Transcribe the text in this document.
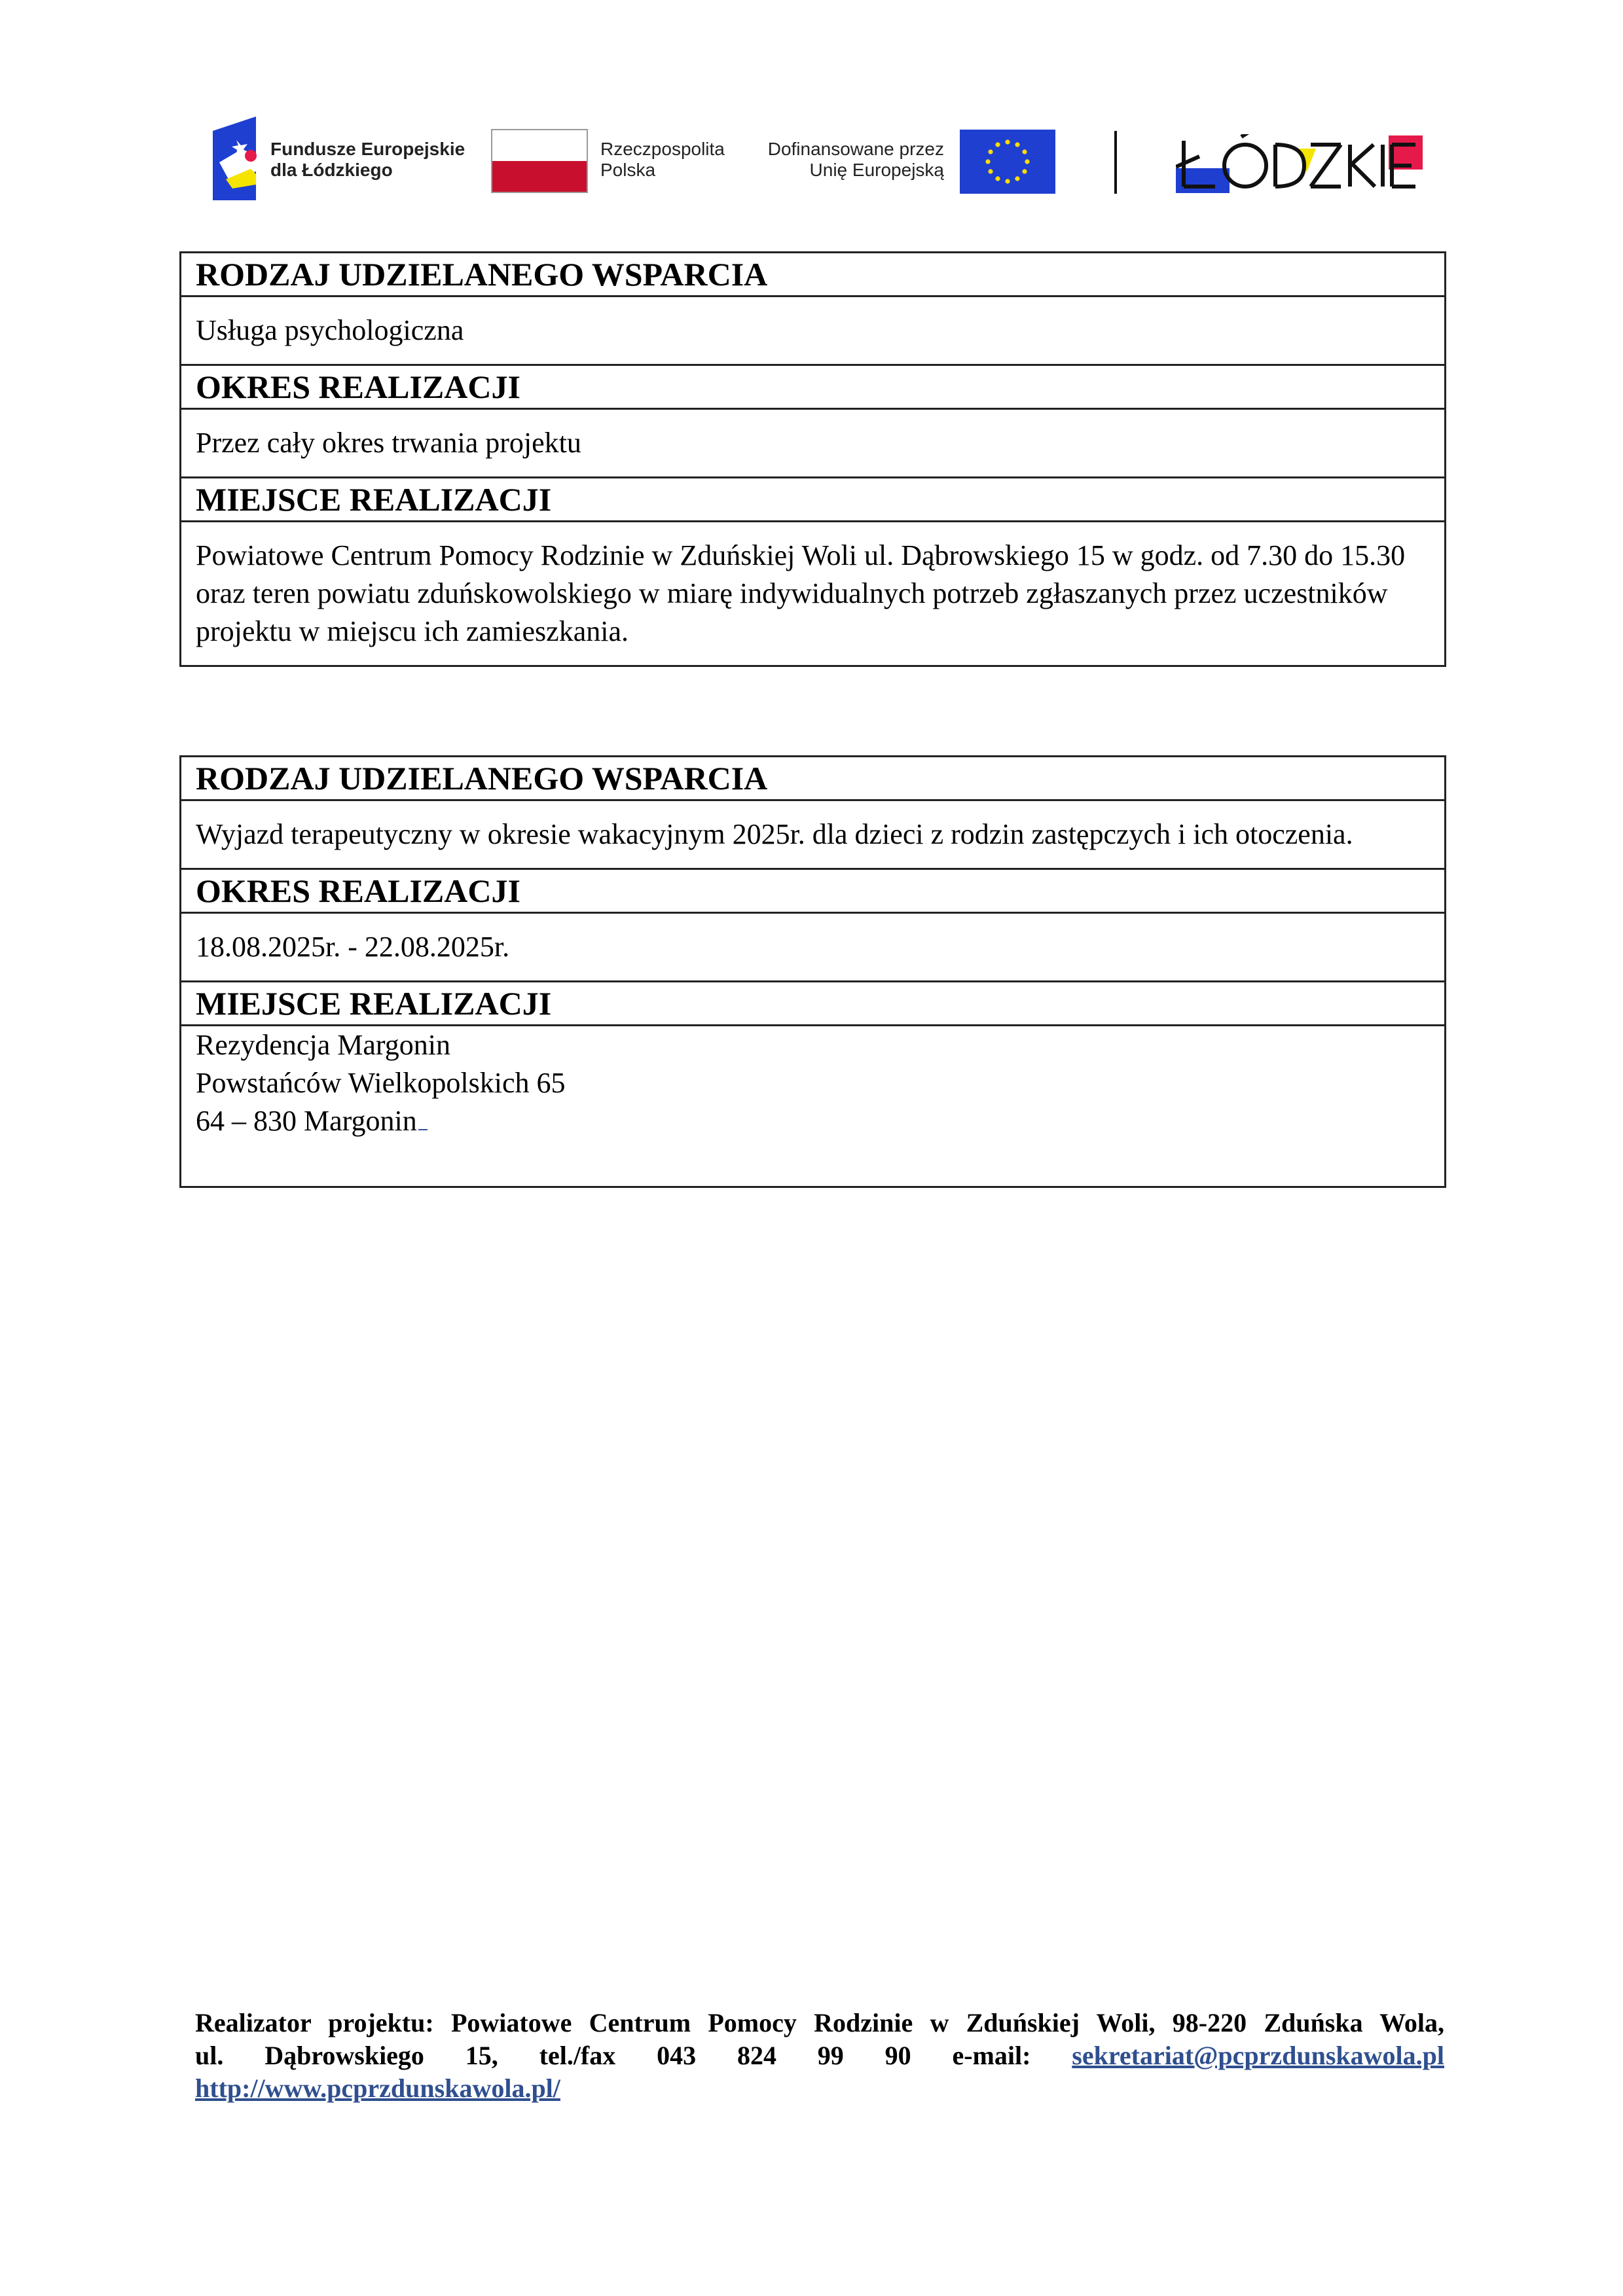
Fundusze Europejskie
dla Łódzkiego
Rzeczpospolita
Polska
Dofinansowane przez
Unię Europejską
RODZAJ UDZIELANEGO WSPARCIA
Usługa psychologiczna
OKRES REALIZACJI
Przez cały okres trwania projektu
MIEJSCE REALIZACJI
Powiatowe Centrum Pomocy Rodzinie w Zduńskiej Woli ul. Dąbrowskiego 15 w godz. od 7.30 do 15.30 oraz teren powiatu zduńskowolskiego w miarę indywidualnych potrzeb zgłaszanych przez uczestników projektu w miejscu ich zamieszkania.
RODZAJ UDZIELANEGO WSPARCIA
Wyjazd terapeutyczny w okresie wakacyjnym 2025r. dla dzieci z rodzin zastępczych i ich otoczenia.
OKRES REALIZACJI
18.08.2025r. - 22.08.2025r.
MIEJSCE REALIZACJI

Rezydencja Margonin
Powstańców Wielkopolskich 65
64 – 830 Margonin
Realizator projektu: Powiatowe Centrum Pomocy Rodzinie w Zduńskiej Woli, 98-220 Zduńska Wola,
ul. Dąbrowskiego 15, tel./fax 043 824 99 90 e-mail: sekretariat@pcprzdunskawola.pl
http://www.pcprzdunskawola.pl/
